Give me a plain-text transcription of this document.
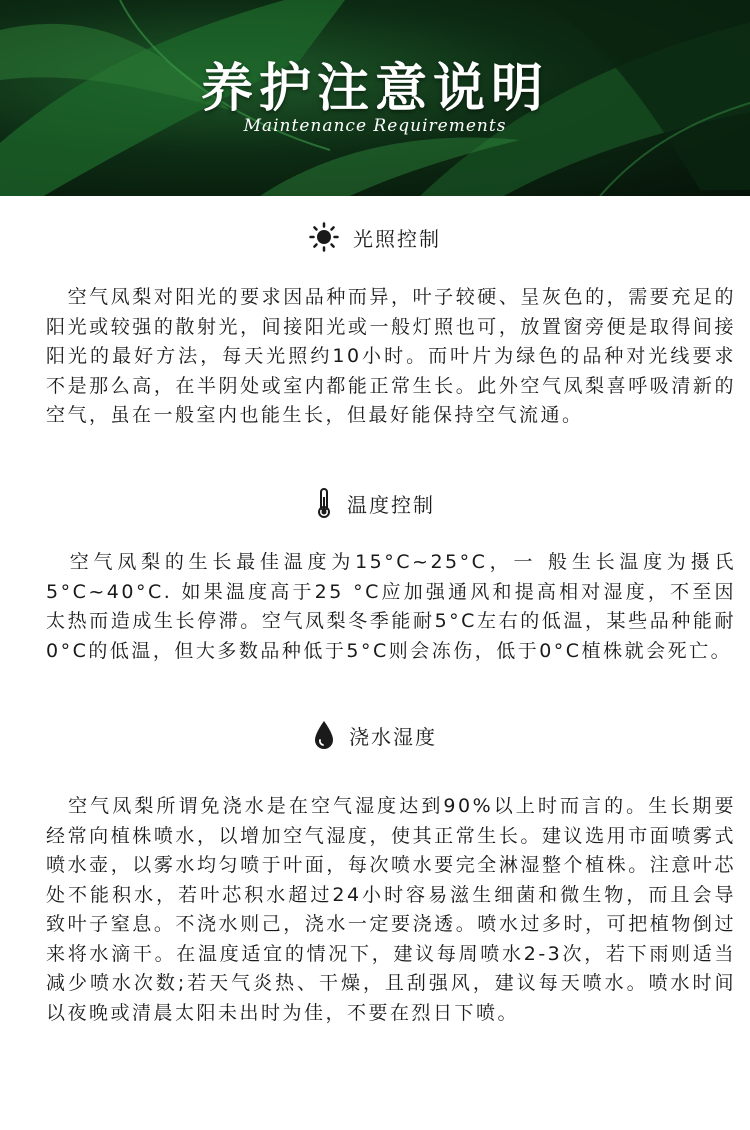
养护注意说明
Maintenance Requirements
光照控制

　空气凤梨对阳光的要求因品种而异，叶子较硬、呈灰色的，需要充足的阳光或较强的散射光，间接阳光或一般灯照也可，放置窗旁便是取得间接阳光的最好方法，每天光照约10小时。而叶片为绿色的品种对光线要求不是那么高，在半阴处或室内都能正常生长。此外空气凤梨喜呼吸清新的空气，虽在一般室内也能生长，但最好能保持空气流通。

温度控制

　空气凤梨的生长最佳温度为15°C~25°C，一 般生长温度为摄氏5°C~40°C. 如果温度高于25 °C应加强通风和提高相对湿度，不至因太热而造成生长停滞。空气凤梨冬季能耐5°C左右的低温，某些品种能耐0°C的低温，但大多数品种低于5°C则会冻伤，低于0°C植株就会死亡。

浇水湿度

　空气凤梨所谓免浇水是在空气湿度达到90%以上时而言的。生长期要经常向植株喷水，以增加空气湿度，使其正常生长。建议选用市面喷雾式喷水壶，以雾水均匀喷于叶面，每次喷水要完全淋湿整个植株。注意叶芯处不能积水，若叶芯积水超过24小时容易滋生细菌和微生物，而且会导致叶子窒息。不浇水则己，浇水一定要浇透。喷水过多时，可把植物倒过来将水滴干。在温度适宜的情况下，建议每周喷水2-3次，若下雨则适当减少喷水次数;若天气炎热、干燥，且刮强风，建议每天喷水。喷水时间以夜晚或清晨太阳未出时为佳，不要在烈日下喷。
